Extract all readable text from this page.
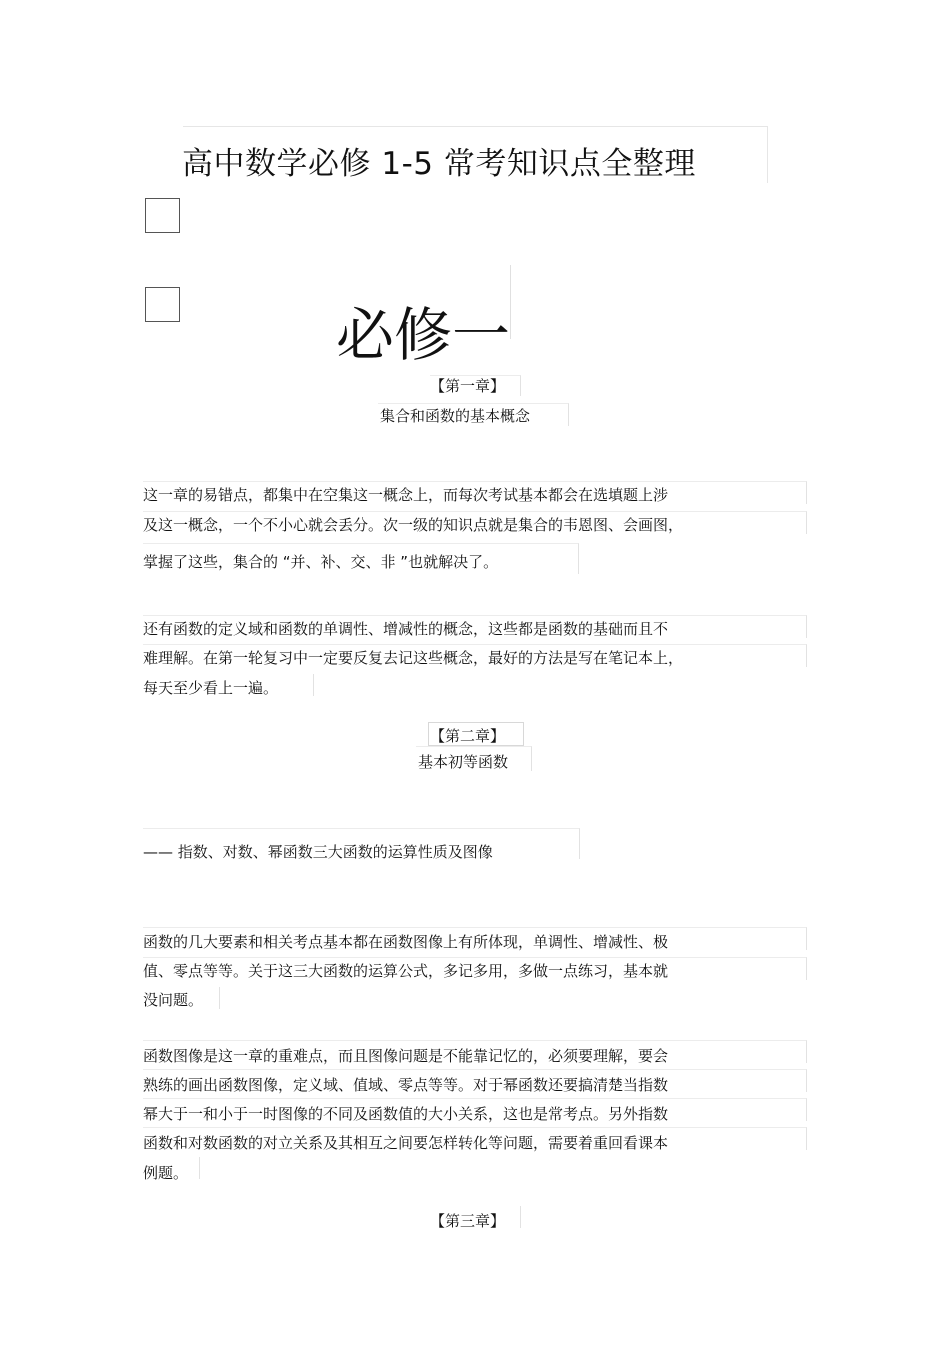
高中数学必修 1-5 常考知识点全整理
必修一
【第一章】
集合和函数的基本概念
这一章的易错点，都集中在空集这一概念上，而每次考试基本都会在选填题上涉
及这一概念，一个不小心就会丢分。次一级的知识点就是集合的韦恩图、会画图，
掌握了这些，集合的 “并、补、交、非 ”也就解决了。
还有函数的定义域和函数的单调性、增减性的概念，这些都是函数的基础而且不
难理解。在第一轮复习中一定要反复去记这些概念，最好的方法是写在笔记本上，
每天至少看上一遍。
【第二章】
基本初等函数
—— 指数、对数、幂函数三大函数的运算性质及图像
函数的几大要素和相关考点基本都在函数图像上有所体现，单调性、增减性、极
值、零点等等。关于这三大函数的运算公式，多记多用，多做一点练习，基本就
没问题。
函数图像是这一章的重难点，而且图像问题是不能靠记忆的，必须要理解，要会
熟练的画出函数图像，定义域、值域、零点等等。对于幂函数还要搞清楚当指数
幂大于一和小于一时图像的不同及函数值的大小关系，这也是常考点。另外指数
函数和对数函数的对立关系及其相互之间要怎样转化等问题，需要着重回看课本
例题。
【第三章】
